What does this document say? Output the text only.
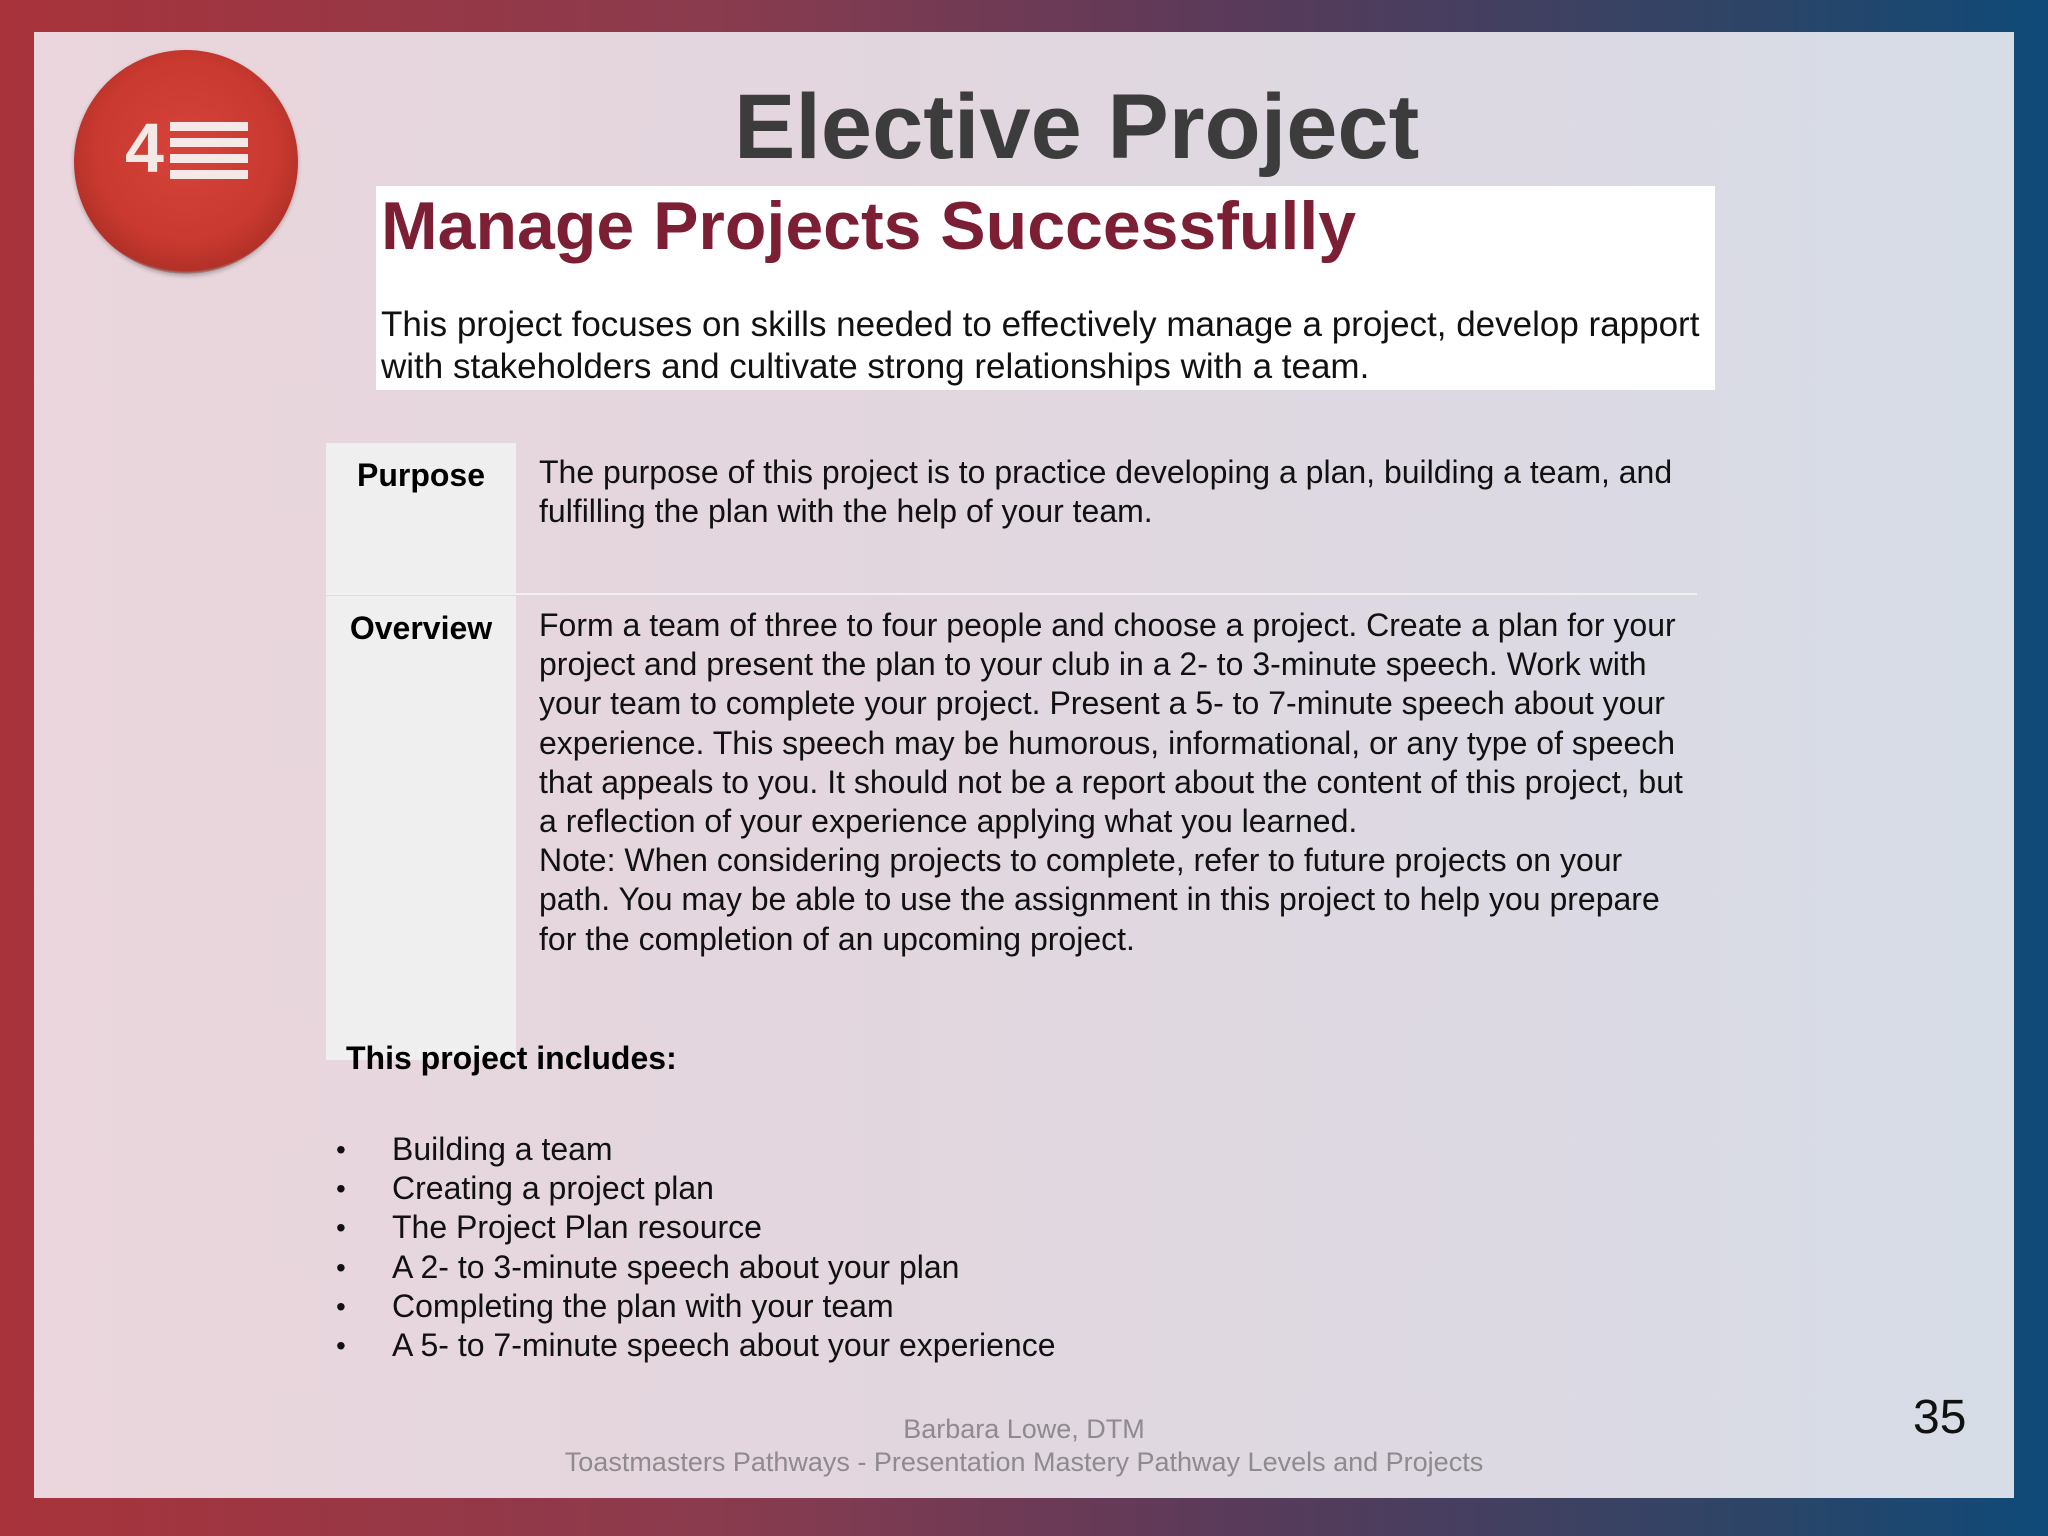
4	Elective Project
Manage Projects Successfully
This project focuses on skills needed to effectively manage a project, develop rapport with stakeholders and cultivate strong relationships with a team.
Purpose	The purpose of this project is to practice developing a plan, building a team, and fulfilling the plan with the help of your team.
Overview	Form a team of three to four people and choose a project. Create a plan for your project and present the plan to your club in a 2- to 3-minute speech. Work with your team to complete your project. Present a 5- to 7-minute speech about your experience. This speech may be humorous, informational, or any type of speech that appeals to you. It should not be a report about the content of this project, but a reflection of your experience applying what you learned.
Note: When considering projects to complete, refer to future projects on your path. You may be able to use the assignment in this project to help you prepare for the completion of an upcoming project.
This project includes:
• Building a team
• Creating a project plan
• The Project Plan resource
• A 2- to 3-minute speech about your plan
• Completing the plan with your team
• A 5- to 7-minute speech about your experience
Barbara Lowe, DTM
Toastmasters Pathways - Presentation Mastery Pathway Levels and Projects
35
